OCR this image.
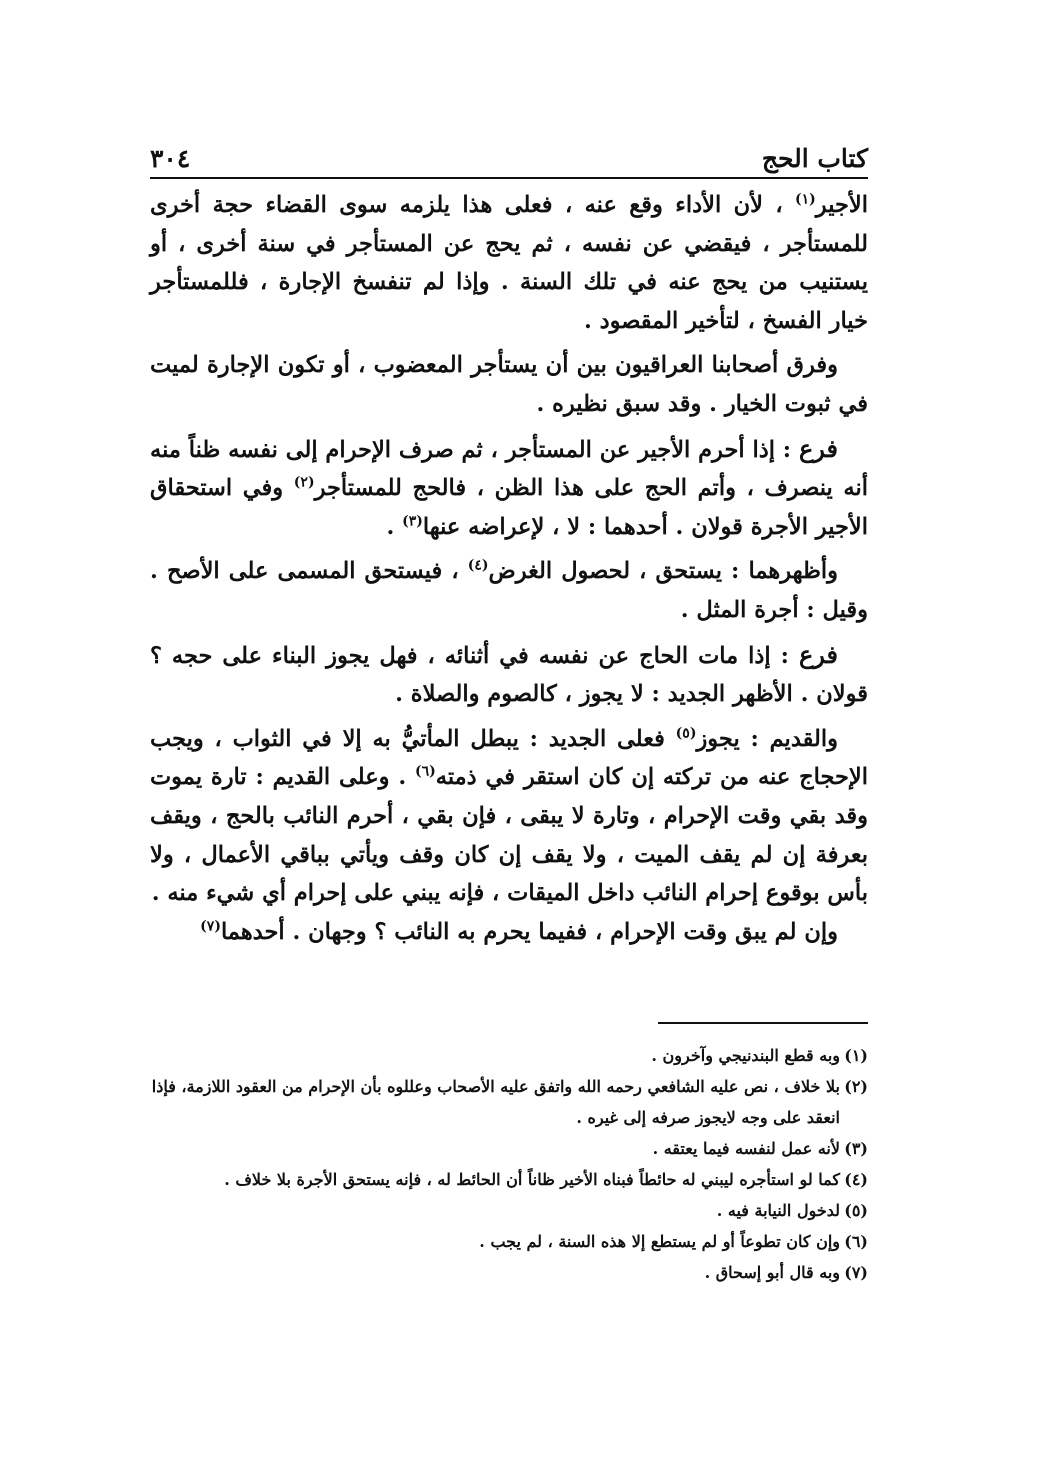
كتاب الحج
٣٠٤

الأجير$^{(١)}$ ، لأن الأداء وقع عنه ، فعلى هذا يلزمه سوى القضاء حجة أخرى للمستأجر ، فيقضي عن نفسه ، ثم يحج عن المستأجر في سنة أخرى ، أو يستنيب من يحج عنه في تلك السنة . وإذا لم تنفسخ الإجارة ، فللمستأجر خيار الفسخ ، لتأخير المقصود .

وفرق أصحابنا العراقيون بين أن يستأجر المعضوب ، أو تكون الإجارة لميت في ثبوت الخيار . وقد سبق نظيره .

فرع : إذا أحرم الأجير عن المستأجر ، ثم صرف الإحرام إلى نفسه ظناً منه أنه ينصرف ، وأتم الحج على هذا الظن ، فالحج للمستأجر$^{(٢)}$ وفي استحقاق الأجير الأجرة قولان . أحدهما : لا ، لإعراضه عنها$^{(٣)}$ .

وأظهرهما : يستحق ، لحصول الغرض$^{(٤)}$ ، فيستحق المسمى على الأصح . وقيل : أجرة المثل .

فرع : إذا مات الحاج عن نفسه في أثنائه ، فهل يجوز البناء على حجه ؟ قولان . الأظهر الجديد : لا يجوز ، كالصوم والصلاة .

والقديم : يجوز$^{(٥)}$ فعلى الجديد : يبطل المأتيُّ به إلا في الثواب ، ويجب الإحجاج عنه من تركته إن كان استقر في ذمته$^{(٦)}$ . وعلى القديم : تارة يموت وقد بقي وقت الإحرام ، وتارة لا يبقى ، فإن بقي ، أحرم النائب بالحج ، ويقف بعرفة إن لم يقف الميت ، ولا يقف إن كان وقف ويأتي بباقي الأعمال ، ولا بأس بوقوع إحرام النائب داخل الميقات ، فإنه يبني على إحرام أي شيء منه .

وإن لم يبق وقت الإحرام ، ففيما يحرم به النائب ؟ وجهان . أحدهما$^{(٧)}$

(١)
وبه قطع البندنيجي وآخرون .
(٢)
بلا خلاف ، نص عليه الشافعي رحمه الله واتفق عليه الأصحاب وعللوه بأن الإحرام من العقود اللازمة، فإذا انعقد على وجه لايجوز صرفه إلى غيره .
(٣)
لأنه عمل لنفسه فيما يعتقه .
(٤)
كما لو استأجره ليبني له حائطاً فبناه الأخير ظاناً أن الحائط له ، فإنه يستحق الأجرة بلا خلاف .
(٥)
لدخول النيابة فيه .
(٦)
وإن كان تطوعاً أو لم يستطع إلا هذه السنة ، لم يجب .
(٧)
وبه قال أبو إسحاق .
